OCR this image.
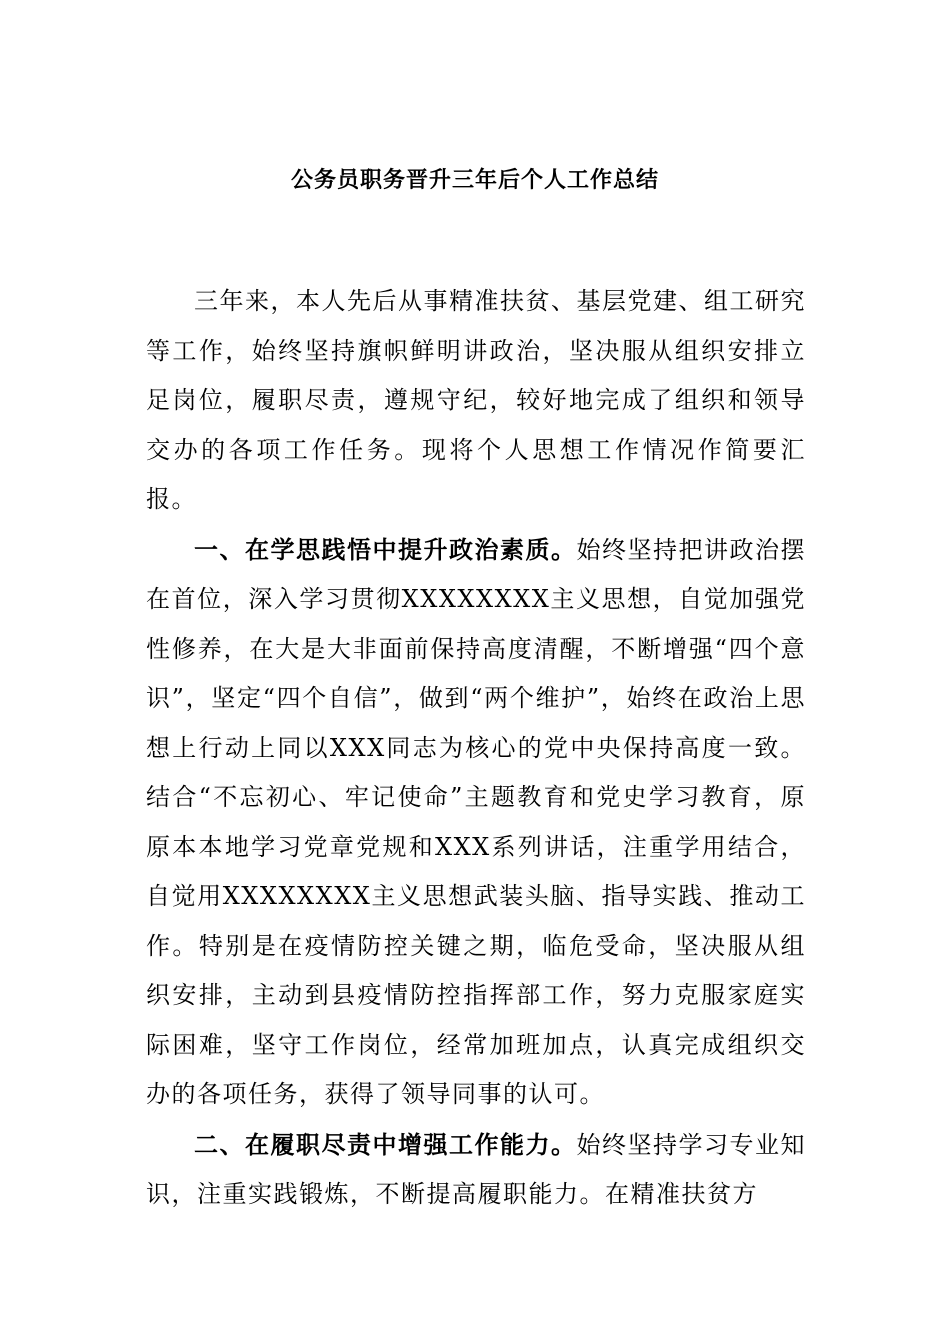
公务员职务晋升三年后个人工作总结

三年来，本人先后从事精准扶贫、基层党建、组工研究等工作，始终坚持旗帜鲜明讲政治，坚决服从组织安排立足岗位，履职尽责，遵规守纪，较好地完成了组织和领导交办的各项工作任务。现将个人思想工作情况作简要汇报。

一、在学思践悟中提升政治素质。始终坚持把讲政治摆在首位，深入学习贯彻XXXXXXXX主义思想，自觉加强党性修养，在大是大非面前保持高度清醒，不断增强“四个意识”，坚定“四个自信”，做到“两个维护”，始终在政治上思想上行动上同以XXX同志为核心的党中央保持高度一致。结合“不忘初心、牢记使命”主题教育和党史学习教育，原原本本地学习党章党规和XXX系列讲话，注重学用结合，自觉用XXXXXXXX主义思想武装头脑、指导实践、推动工作。特别是在疫情防控关键之期，临危受命，坚决服从组织安排，主动到县疫情防控指挥部工作，努力克服家庭实际困难，坚守工作岗位，经常加班加点，认真完成组织交办的各项任务，获得了领导同事的认可。

二、在履职尽责中增强工作能力。始终坚持学习专业知识，注重实践锻炼，不断提高履职能力。在精准扶贫方
